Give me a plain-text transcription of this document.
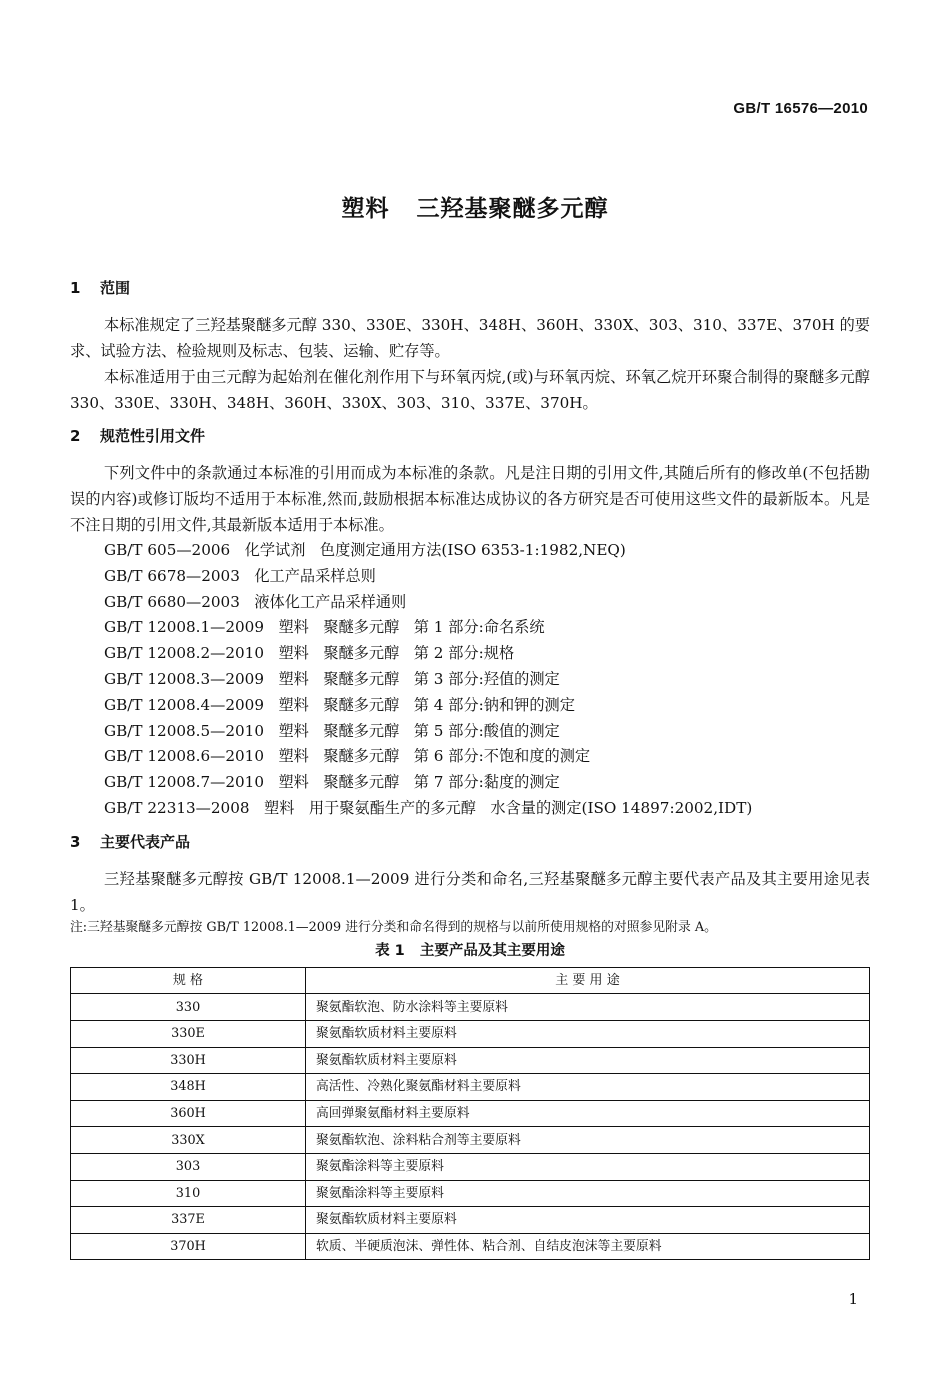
GB/T 16576—2010
塑料   三羟基聚醚多元醇
1 范围

本标准规定了三羟基聚醚多元醇 330、330E、330H、348H、360H、330X、303、310、337E、370H 的要求、试验方法、检验规则及标志、包装、运输、贮存等。

本标准适用于由三元醇为起始剂在催化剂作用下与环氧丙烷,(或)与环氧丙烷、环氧乙烷开环聚合制得的聚醚多元醇 330、330E、330H、348H、360H、330X、303、310、337E、370H。

2 规范性引用文件

下列文件中的条款通过本标准的引用而成为本标准的条款。凡是注日期的引用文件,其随后所有的修改单(不包括勘误的内容)或修订版均不适用于本标准,然而,鼓励根据本标准达成协议的各方研究是否可使用这些文件的最新版本。凡是不注日期的引用文件,其最新版本适用于本标准。

GB/T 605—2006   化学试剂   色度测定通用方法(ISO 6353-1:1982,NEQ)
GB/T 6678—2003   化工产品采样总则
GB/T 6680—2003   液体化工产品采样通则
GB/T 12008.1—2009   塑料   聚醚多元醇   第 1 部分:命名系统
GB/T 12008.2—2010   塑料   聚醚多元醇   第 2 部分:规格
GB/T 12008.3—2009   塑料   聚醚多元醇   第 3 部分:羟值的测定
GB/T 12008.4—2009   塑料   聚醚多元醇   第 4 部分:钠和钾的测定
GB/T 12008.5—2010   塑料   聚醚多元醇   第 5 部分:酸值的测定
GB/T 12008.6—2010   塑料   聚醚多元醇   第 6 部分:不饱和度的测定
GB/T 12008.7—2010   塑料   聚醚多元醇   第 7 部分:黏度的测定
GB/T 22313—2008   塑料   用于聚氨酯生产的多元醇   水含量的测定(ISO 14897:2002,IDT)
3 主要代表产品

三羟基聚醚多元醇按 GB/T 12008.1—2009 进行分类和命名,三羟基聚醚多元醇主要代表产品及其主要用途见表 1。

注:三羟基聚醚多元醇按 GB/T 12008.1—2009 进行分类和命名得到的规格与以前所使用规格的对照参见附录 A。

表 1   主要产品及其主要用途
规 格	主 要 用 途
330	聚氨酯软泡、防水涂料等主要原料
330E	聚氨酯软质材料主要原料
330H	聚氨酯软质材料主要原料
348H	高活性、冷熟化聚氨酯材料主要原料
360H	高回弹聚氨酯材料主要原料
330X	聚氨酯软泡、涂料粘合剂等主要原料
303	聚氨酯涂料等主要原料
310	聚氨酯涂料等主要原料
337E	聚氨酯软质材料主要原料
370H	软质、半硬质泡沫、弹性体、粘合剂、自结皮泡沫等主要原料
1
